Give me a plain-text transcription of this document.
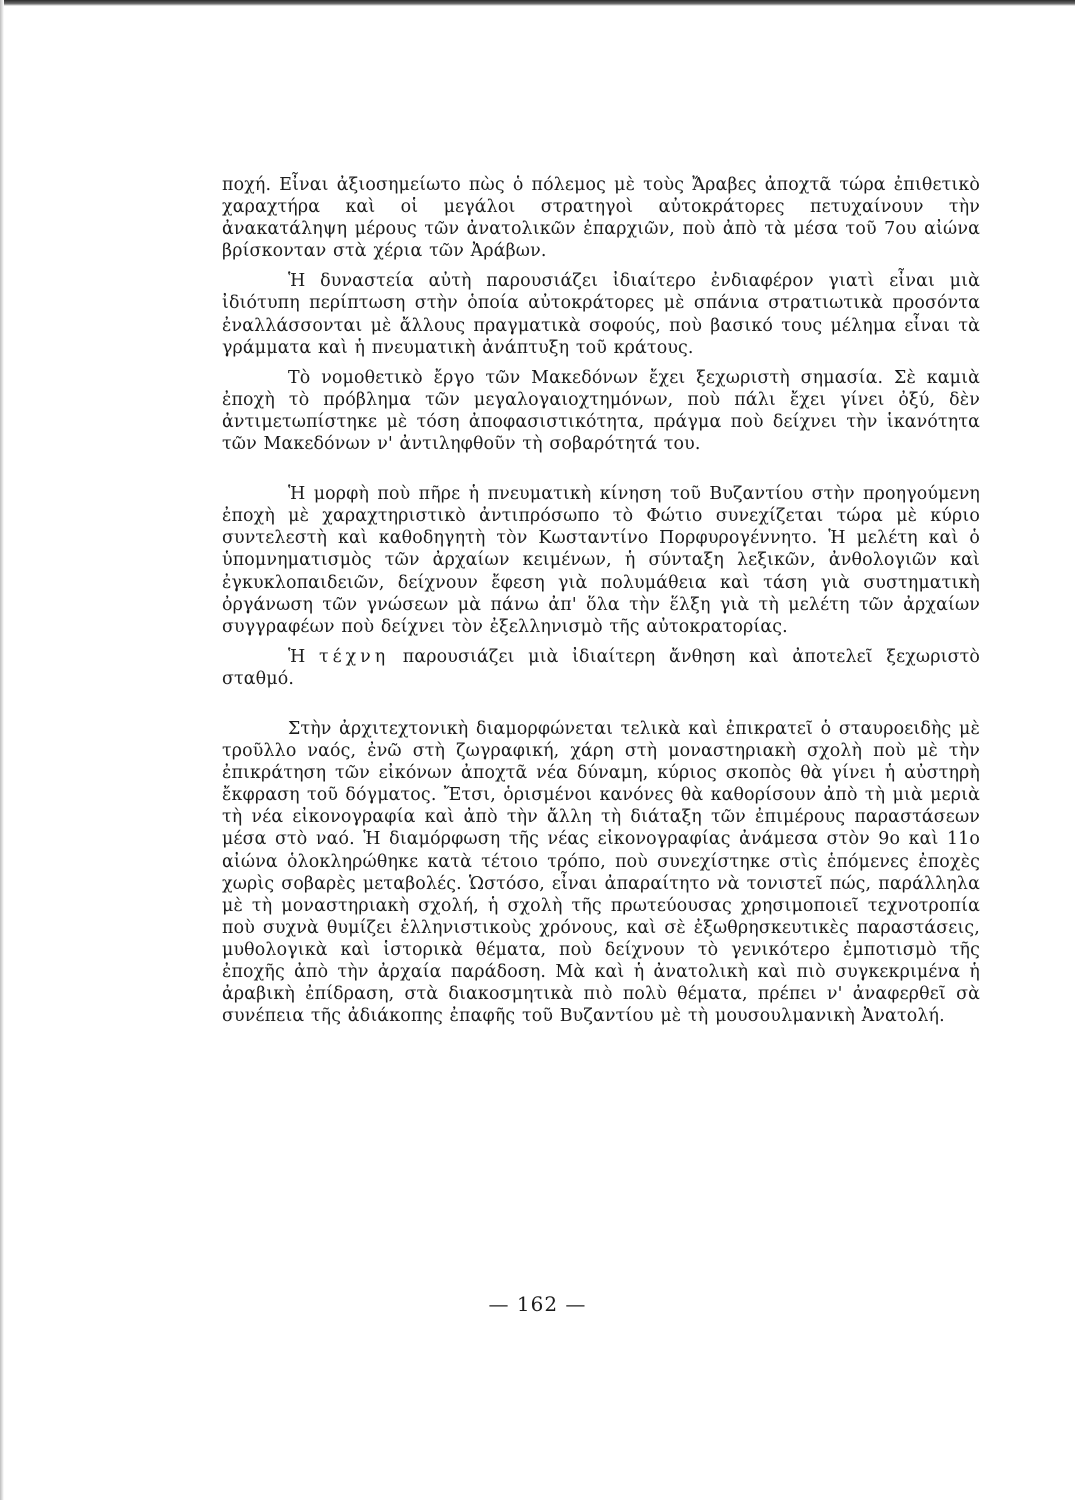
ποχή. Εἶναι ἀξιοσημείωτο πὼς ὁ πόλεμος μὲ τοὺς Ἄραβες ἀποχτᾶ τώρα ἐπιθετικὸ χαραχτήρα καὶ οἱ μεγάλοι στρατηγοὶ αὐτοκράτορες πετυχαίνουν τὴν ἀνακατάληψη μέρους τῶν ἀνατολικῶν ἐπαρχιῶν, ποὺ ἀπὸ τὰ μέσα τοῦ 7ου αἰώνα βρίσκονταν στὰ χέρια τῶν Ἀράβων.

Ἡ δυναστεία αὐτὴ παρουσιάζει ἰδιαίτερο ἐνδιαφέρον γιατὶ εἶναι μιὰ ἰδιότυπη περίπτωση στὴν ὁποία αὐτοκράτορες μὲ σπάνια στρατιωτικὰ προσόντα ἐναλλάσσονται μὲ ἄλλους πραγματικὰ σοφούς, ποὺ βασικό τους μέλημα εἶναι τὰ γράμματα καὶ ἡ πνευματικὴ ἀνάπτυξη τοῦ κράτους.

Τὸ νομοθετικὸ ἔργο τῶν Μακεδόνων ἔχει ξεχωριστὴ σημασία. Σὲ καμιὰ ἐποχὴ τὸ πρόβλημα τῶν μεγαλογαιοχτημόνων, ποὺ πάλι ἔχει γίνει ὀξύ, δὲν ἀντιμετωπίστηκε μὲ τόση ἀποφασιστικότητα, πράγμα ποὺ δείχνει τὴν ἱκανότητα τῶν Μακεδόνων ν' ἀντιληφθοῦν τὴ σοβαρότητά του.

Ἡ μορφὴ ποὺ πῆρε ἡ πνευματικὴ κίνηση τοῦ Βυζαντίου στὴν προηγούμενη ἐποχὴ μὲ χαραχτηριστικὸ ἀντιπρόσωπο τὸ Φώτιο συνεχίζεται τώρα μὲ κύριο συντελεστὴ καὶ καθοδηγητὴ τὸν Κωσταντίνο Πορφυρογέννητο. Ἡ μελέτη καὶ ὁ ὑπομνηματισμὸς τῶν ἀρχαίων κειμένων, ἡ σύνταξη λεξικῶν, ἀνθολογιῶν καὶ ἐγκυκλοπαιδειῶν, δείχνουν ἔφεση γιὰ πολυμάθεια καὶ τάση γιὰ συστηματικὴ ὀργάνωση τῶν γνώσεων μὰ πάνω ἀπ' ὅλα τὴν ἕλξη γιὰ τὴ μελέτη τῶν ἀρχαίων συγγραφέων ποὺ δείχνει τὸν ἐξελληνισμὸ τῆς αὐτοκρατορίας.

Ἡ τέχνη παρουσιάζει μιὰ ἰδιαίτερη ἄνθηση καὶ ἀποτελεῖ ξεχωριστὸ σταθμό.

Στὴν ἀρχιτεχτονικὴ διαμορφώνεται τελικὰ καὶ ἐπικρατεῖ ὁ σταυροειδὴς μὲ τροῦλλο ναός, ἐνῶ στὴ ζωγραφική, χάρη στὴ μοναστηριακὴ σχολὴ ποὺ μὲ τὴν ἐπικράτηση τῶν εἰκόνων ἀποχτᾶ νέα δύναμη, κύριος σκοπὸς θὰ γίνει ἡ αὐστηρὴ ἔκφραση τοῦ δόγματος. Ἔτσι, ὁρισμένοι κανόνες θὰ καθορίσουν ἀπὸ τὴ μιὰ μεριὰ τὴ νέα εἰκονογραφία καὶ ἀπὸ τὴν ἄλλη τὴ διάταξη τῶν ἐπιμέρους παραστάσεων μέσα στὸ ναό. Ἡ διαμόρφωση τῆς νέας εἰκονογραφίας ἀνάμεσα στὸν 9ο καὶ 11ο αἰώνα ὁλοκληρώθηκε κατὰ τέτοιο τρόπο, ποὺ συνεχίστηκε στὶς ἑπόμενες ἐποχὲς χωρὶς σοβαρὲς μεταβολές. Ὡστόσο, εἶναι ἀπαραίτητο νὰ τονιστεῖ πώς, παράλληλα μὲ τὴ μοναστηριακὴ σχολή, ἡ σχολὴ τῆς πρωτεύουσας χρησιμοποιεῖ τεχνοτροπία ποὺ συχνὰ θυμίζει ἑλληνιστικοὺς χρόνους, καὶ σὲ ἐξωθρησκευτικὲς παραστάσεις, μυθολογικὰ καὶ ἱστορικὰ θέματα, ποὺ δείχνουν τὸ γενικότερο ἐμποτισμὸ τῆς ἐποχῆς ἀπὸ τὴν ἀρχαία παράδοση. Μὰ καὶ ἡ ἀνατολικὴ καὶ πιὸ συγκεκριμένα ἡ ἀραβικὴ ἐπίδραση, στὰ διακοσμητικὰ πιὸ πολὺ θέματα, πρέπει ν' ἀναφερθεῖ σὰ συνέπεια τῆς ἀδιάκοπης ἐπαφῆς τοῦ Βυζαντίου μὲ τὴ μουσουλμανικὴ Ἀνατολή.

— 162 —
